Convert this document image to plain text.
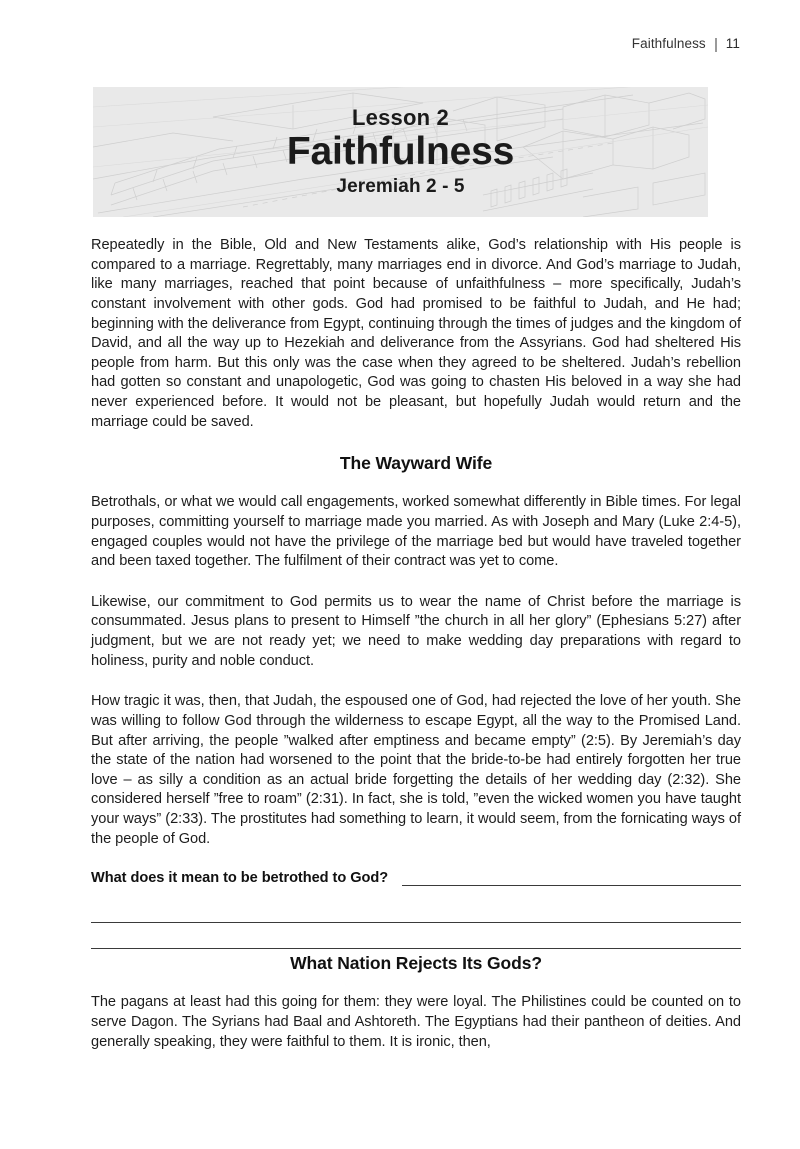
Faithfulness 11
Lesson 2
Faithfulness
Jeremiah 2 - 5

Repeatedly in the Bible, Old and New Testaments alike, God’s relationship with His people is compared to a marriage. Regrettably, many marriages end in divorce. And God’s marriage to Judah, like many marriages, reached that point because of unfaithfulness – more specifically, Judah’s constant involvement with other gods. God had promised to be faithful to Judah, and He had; beginning with the deliverance from Egypt, continuing through the times of judges and the kingdom of David, and all the way up to Hezekiah and deliverance from the Assyrians. God had sheltered His people from harm. But this only was the case when they agreed to be sheltered. Judah’s rebellion had gotten so constant and unapologetic, God was going to chasten His beloved in a way she had never experienced before. It would not be pleasant, but hopefully Judah would return and the marriage could be saved.

The Wayward Wife

Betrothals, or what we would call engagements, worked somewhat differently in Bible times. For legal purposes, committing yourself to marriage made you married. As with Joseph and Mary (Luke 2:4-5), engaged couples would not have the privilege of the marriage bed but would have traveled together and been taxed together. The fulfilment of their contract was yet to come.

Likewise, our commitment to God permits us to wear the name of Christ before the marriage is consummated. Jesus plans to present to Himself ”the church in all her glory” (Ephesians 5:27) after judgment, but we are not ready yet; we need to make wedding day preparations with regard to holiness, purity and noble conduct.

How tragic it was, then, that Judah, the espoused one of God, had rejected the love of her youth. She was willing to follow God through the wilderness to escape Egypt, all the way to the Promised Land. But after arriving, the people ”walked after emptiness and became empty” (2:5). By Jeremiah’s day the state of the nation had worsened to the point that the bride-to-be had entirely forgotten her true love – as silly a condition as an actual bride forgetting the details of her wedding day (2:32). She considered herself ”free to roam” (2:31). In fact, she is told, ”even the wicked women you have taught your ways” (2:33). The prostitutes had something to learn, it would seem, from the fornicating ways of the people of God.

What does it mean to be betrothed to God?
What Nation Rejects Its Gods?

The pagans at least had this going for them: they were loyal. The Philistines could be counted on to serve Dagon. The Syrians had Baal and Ashtoreth. The Egyptians had their pantheon of deities. And generally speaking, they were faithful to them. It is ironic, then,
